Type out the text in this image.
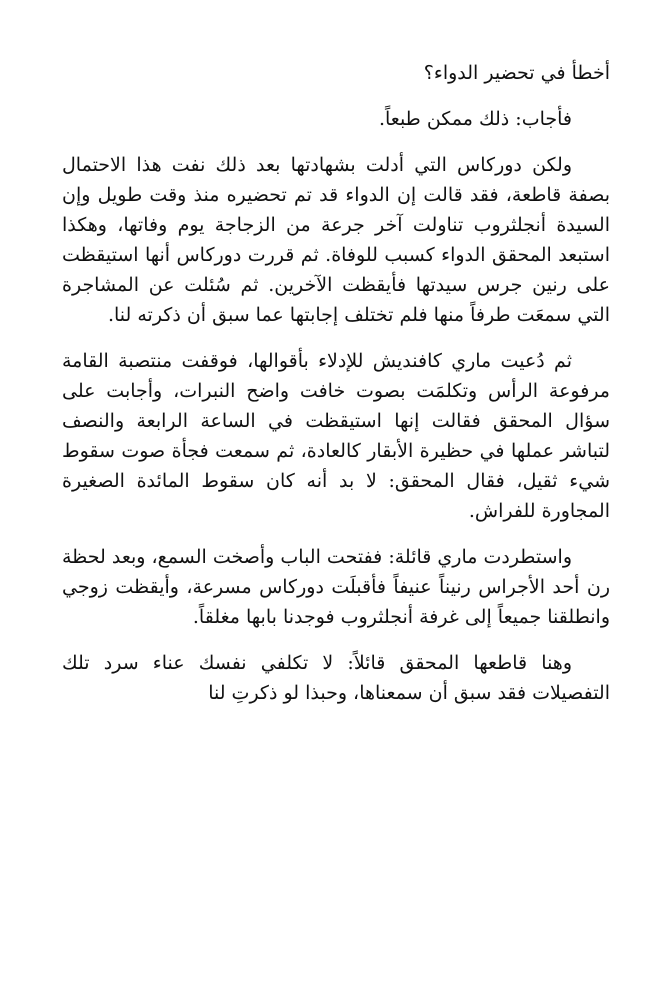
أخطأ في تحضير الدواء؟

فأجاب: ذلك ممكن طبعاً.

ولكن دوركاس التي أدلت بشهادتها بعد ذلك نفت هذا الاحتمال بصفة قاطعة، فقد قالت إن الدواء قد تم تحضيره منذ وقت طويل وإن السيدة أنجلثروب تناولت آخر جرعة من الزجاجة يوم وفاتها، وهكذا استبعد المحقق الدواء كسبب للوفاة. ثم قررت دوركاس أنها استيقظت على رنين جرس سيدتها فأيقظت الآخرين. ثم سُئلت عن المشاجرة التي سمعَت طرفاً منها فلم تختلف إجابتها عما سبق أن ذكرته لنا.

ثم دُعيت ماري كافنديش للإدلاء بأقوالها، فوقفت منتصبة القامة مرفوعة الرأس وتكلمَت بصوت خافت واضح النبرات، وأجابت على سؤال المحقق فقالت إنها استيقظت في الساعة الرابعة والنصف لتباشر عملها في حظيرة الأبقار كالعادة، ثم سمعت فجأة صوت سقوط شيء ثقيل، فقال المحقق: لا بد أنه كان سقوط المائدة الصغيرة المجاورة للفراش.

واستطردت ماري قائلة: ففتحت الباب وأصخت السمع، وبعد لحظة رن أحد الأجراس رنيناً عنيفاً فأقبلَت دوركاس مسرعة، وأيقظت زوجي وانطلقنا جميعاً إلى غرفة أنجلثروب فوجدنا بابها مغلقاً.

وهنا قاطعها المحقق قائلاً: لا تكلفي نفسك عناء سرد تلك التفصيلات فقد سبق أن سمعناها، وحبذا لو ذكرتِ لنا
